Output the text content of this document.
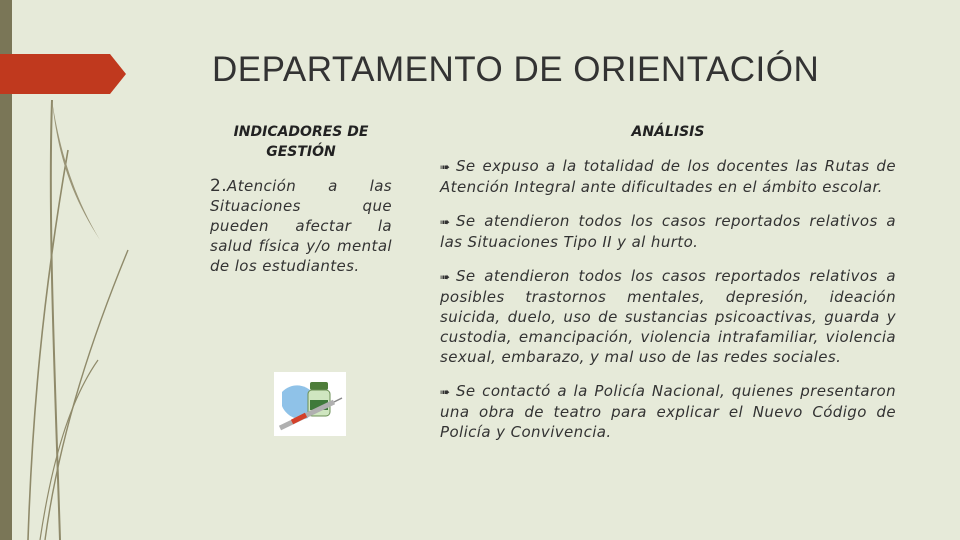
DEPARTAMENTO DE ORIENTACIÓN

INDICADORES DE GESTIÓN

2.Atención a las Situaciones que pueden afectar la salud física y/o mental de los estudiantes.

ANÁLISIS

➠ Se expuso a la totalidad de los docentes las Rutas de Atención Integral ante dificultades en el ámbito escolar.

➠ Se atendieron todos los casos reportados relativos a las Situaciones Tipo II y al hurto.

➠ Se atendieron todos los casos reportados relativos a posibles trastornos mentales, depresión, ideación suicida, duelo, uso de sustancias psicoactivas, guarda y custodia, emancipación, violencia intrafamiliar, violencia sexual, embarazo, y mal uso de las redes sociales.

➠ Se contactó a la Policía Nacional, quienes presentaron una obra de teatro para explicar el Nuevo Código de Policía y Convivencia.
